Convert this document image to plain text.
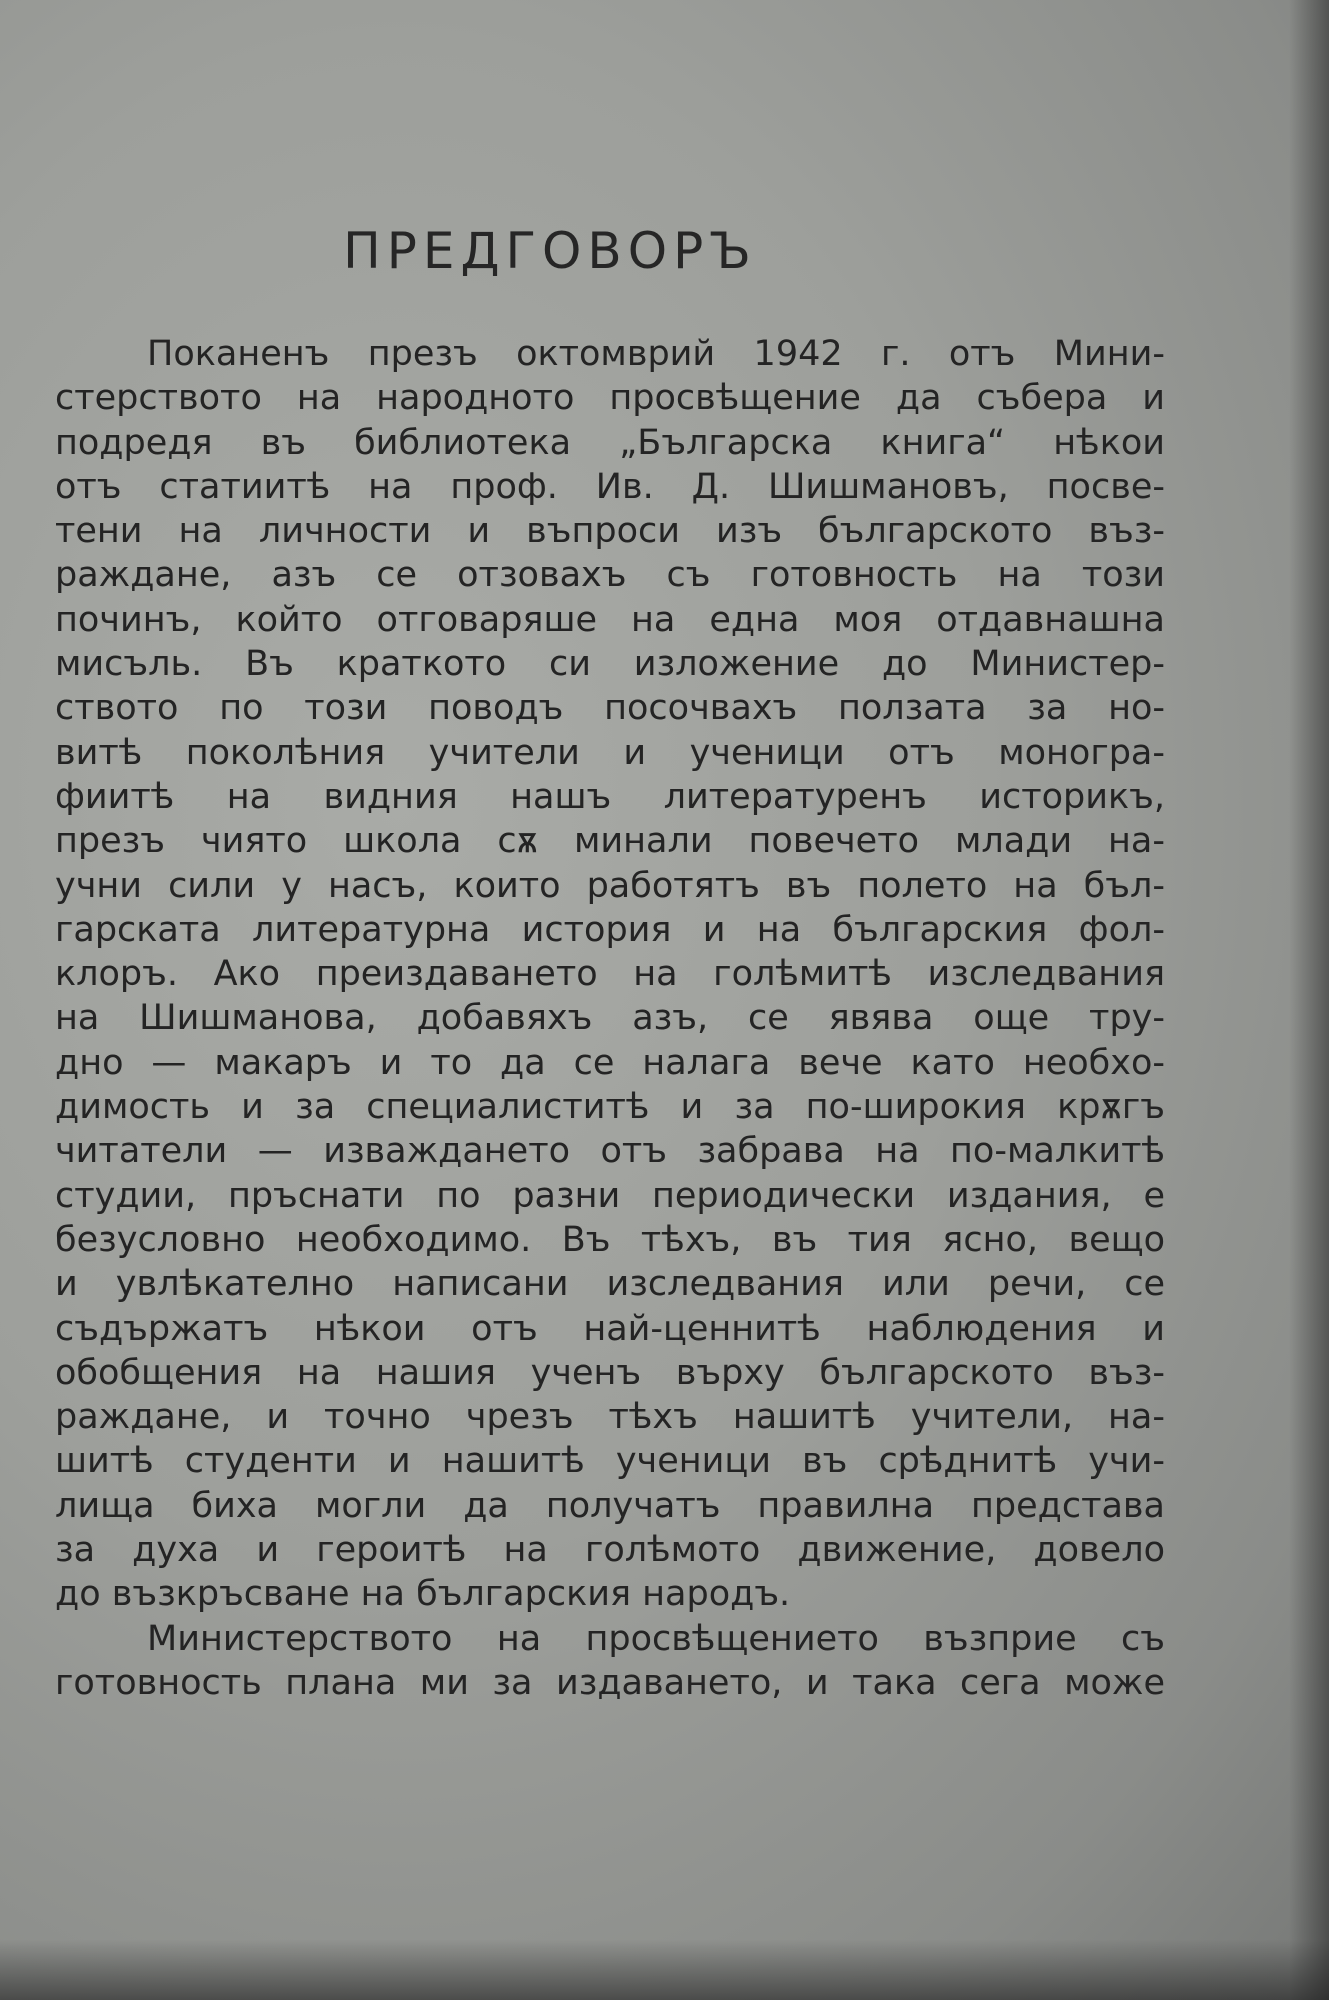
ПРЕДГОВОРЪ
Поканенъ презъ октомврий 1942 г. отъ Мини-
стерството на народното просвѣщение да събера и
подредя въ библиотека „Българска книга“ нѣкои
отъ статиитѣ на проф. Ив. Д. Шишмановъ, посве-
тени на личности и въпроси изъ българското въз-
раждане, азъ се отзовахъ съ готовность на този
починъ, който отговаряше на една моя отдавнашна
мисъль. Въ краткото си изложение до Министер-
ството по този поводъ посочвахъ ползата за но-
витѣ поколѣния учители и ученици отъ моногра-
фиитѣ на видния нашъ литературенъ историкъ,
презъ чиято школа сѫ минали повечето млади на-
учни сили у насъ, които работятъ въ полето на бъл-
гарската литературна история и на българския фол-
клоръ. Ако преиздаването на голѣмитѣ изследвания
на Шишманова, добавяхъ азъ, се явява още тру-
дно — макаръ и то да се налага вече като необхо-
димость и за специалиститѣ и за по-широкия крѫгъ
читатели — изваждането отъ забрава на по-малкитѣ
студии, пръснати по разни периодически издания, е
безусловно необходимо. Въ тѣхъ, въ тия ясно, вещо
и увлѣкателно написани изследвания или речи, се
съдържатъ нѣкои отъ най-ценнитѣ наблюдения и
обобщения на нашия ученъ върху българското въз-
раждане, и точно чрезъ тѣхъ нашитѣ учители, на-
шитѣ студенти и нашитѣ ученици въ срѣднитѣ учи-
лища биха могли да получатъ правилна представа
за духа и героитѣ на голѣмото движение, довело
до възкръсване на българския народъ.
Министерството на просвѣщението възприе съ
готовность плана ми за издаването, и така сега може
